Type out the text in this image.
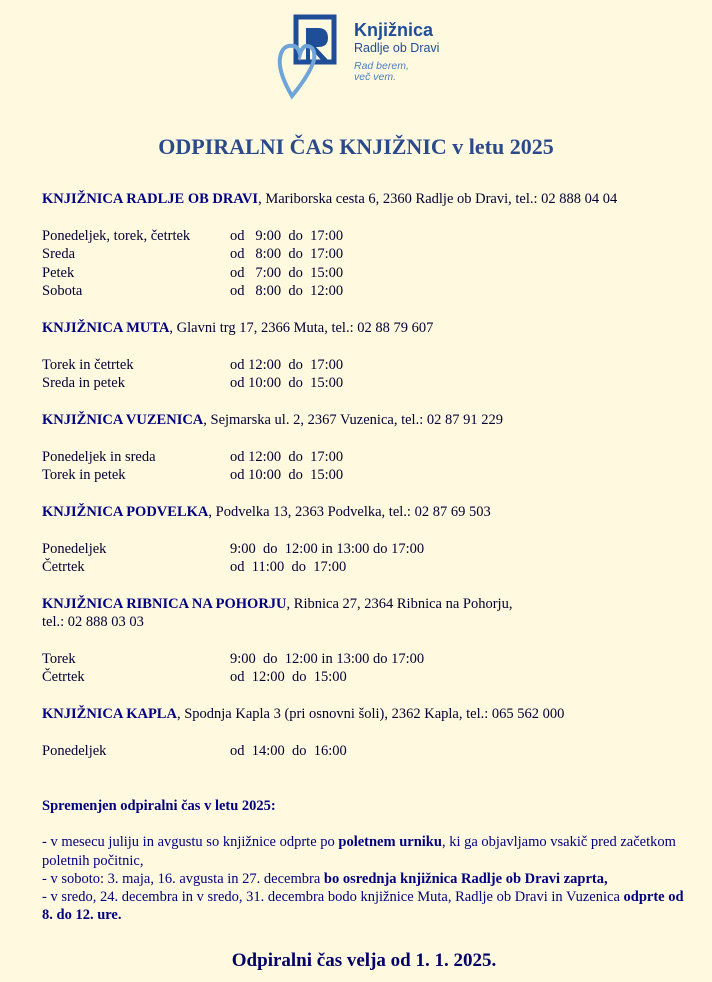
Knjižnica
Radlje ob Dravi
Rad berem,
več vem.
ODPIRALNI ČAS KNJIŽNIC v letu 2025
KNJIŽNICA RADLJE OB DRAVI, Mariborska cesta 6, 2360 Radlje ob Dravi, tel.: 02 888 04 04
Ponedeljek, torek, četrtek	od   9:00  do  17:00
Sreda	od   8:00  do  17:00
Petek	od   7:00  do  15:00
Sobota	od   8:00  do  12:00
KNJIŽNICA MUTA, Glavni trg 17, 2366 Muta, tel.: 02 88 79 607
Torek in četrtek	od 12:00  do  17:00
Sreda in petek	od 10:00  do  15:00
KNJIŽNICA VUZENICA, Sejmarska ul. 2, 2367 Vuzenica, tel.: 02 87 91 229
Ponedeljek in sreda	od 12:00  do  17:00
Torek in petek	od 10:00  do  15:00
KNJIŽNICA PODVELKA, Podvelka 13, 2363 Podvelka, tel.: 02 87 69 503
Ponedeljek	9:00  do  12:00 in 13:00 do 17:00
Četrtek	od  11:00  do  17:00
KNJIŽNICA RIBNICA NA POHORJU, Ribnica 27, 2364 Ribnica na Pohorju,
tel.: 02 888 03 03
Torek	9:00  do  12:00 in 13:00 do 17:00
Četrtek	od  12:00  do  15:00
KNJIŽNICA KAPLA, Spodnja Kapla 3 (pri osnovni šoli), 2362 Kapla, tel.: 065 562 000
Ponedeljek	od  14:00  do  16:00
Spremenjen odpiralni čas v letu 2025:
- v mesecu juliju in avgustu so knjižnice odprte po poletnem urniku, ki ga objavljamo vsakič pred začetkom poletnih počitnic,
- v soboto: 3. maja, 16. avgusta in 27. decembra bo osrednja knjižnica Radlje ob Dravi zaprta,
- v sredo, 24. decembra in v sredo, 31. decembra bodo knjižnice Muta, Radlje ob Dravi in Vuzenica odprte od 8. do 12. ure.
Odpiralni čas velja od 1. 1. 2025.
